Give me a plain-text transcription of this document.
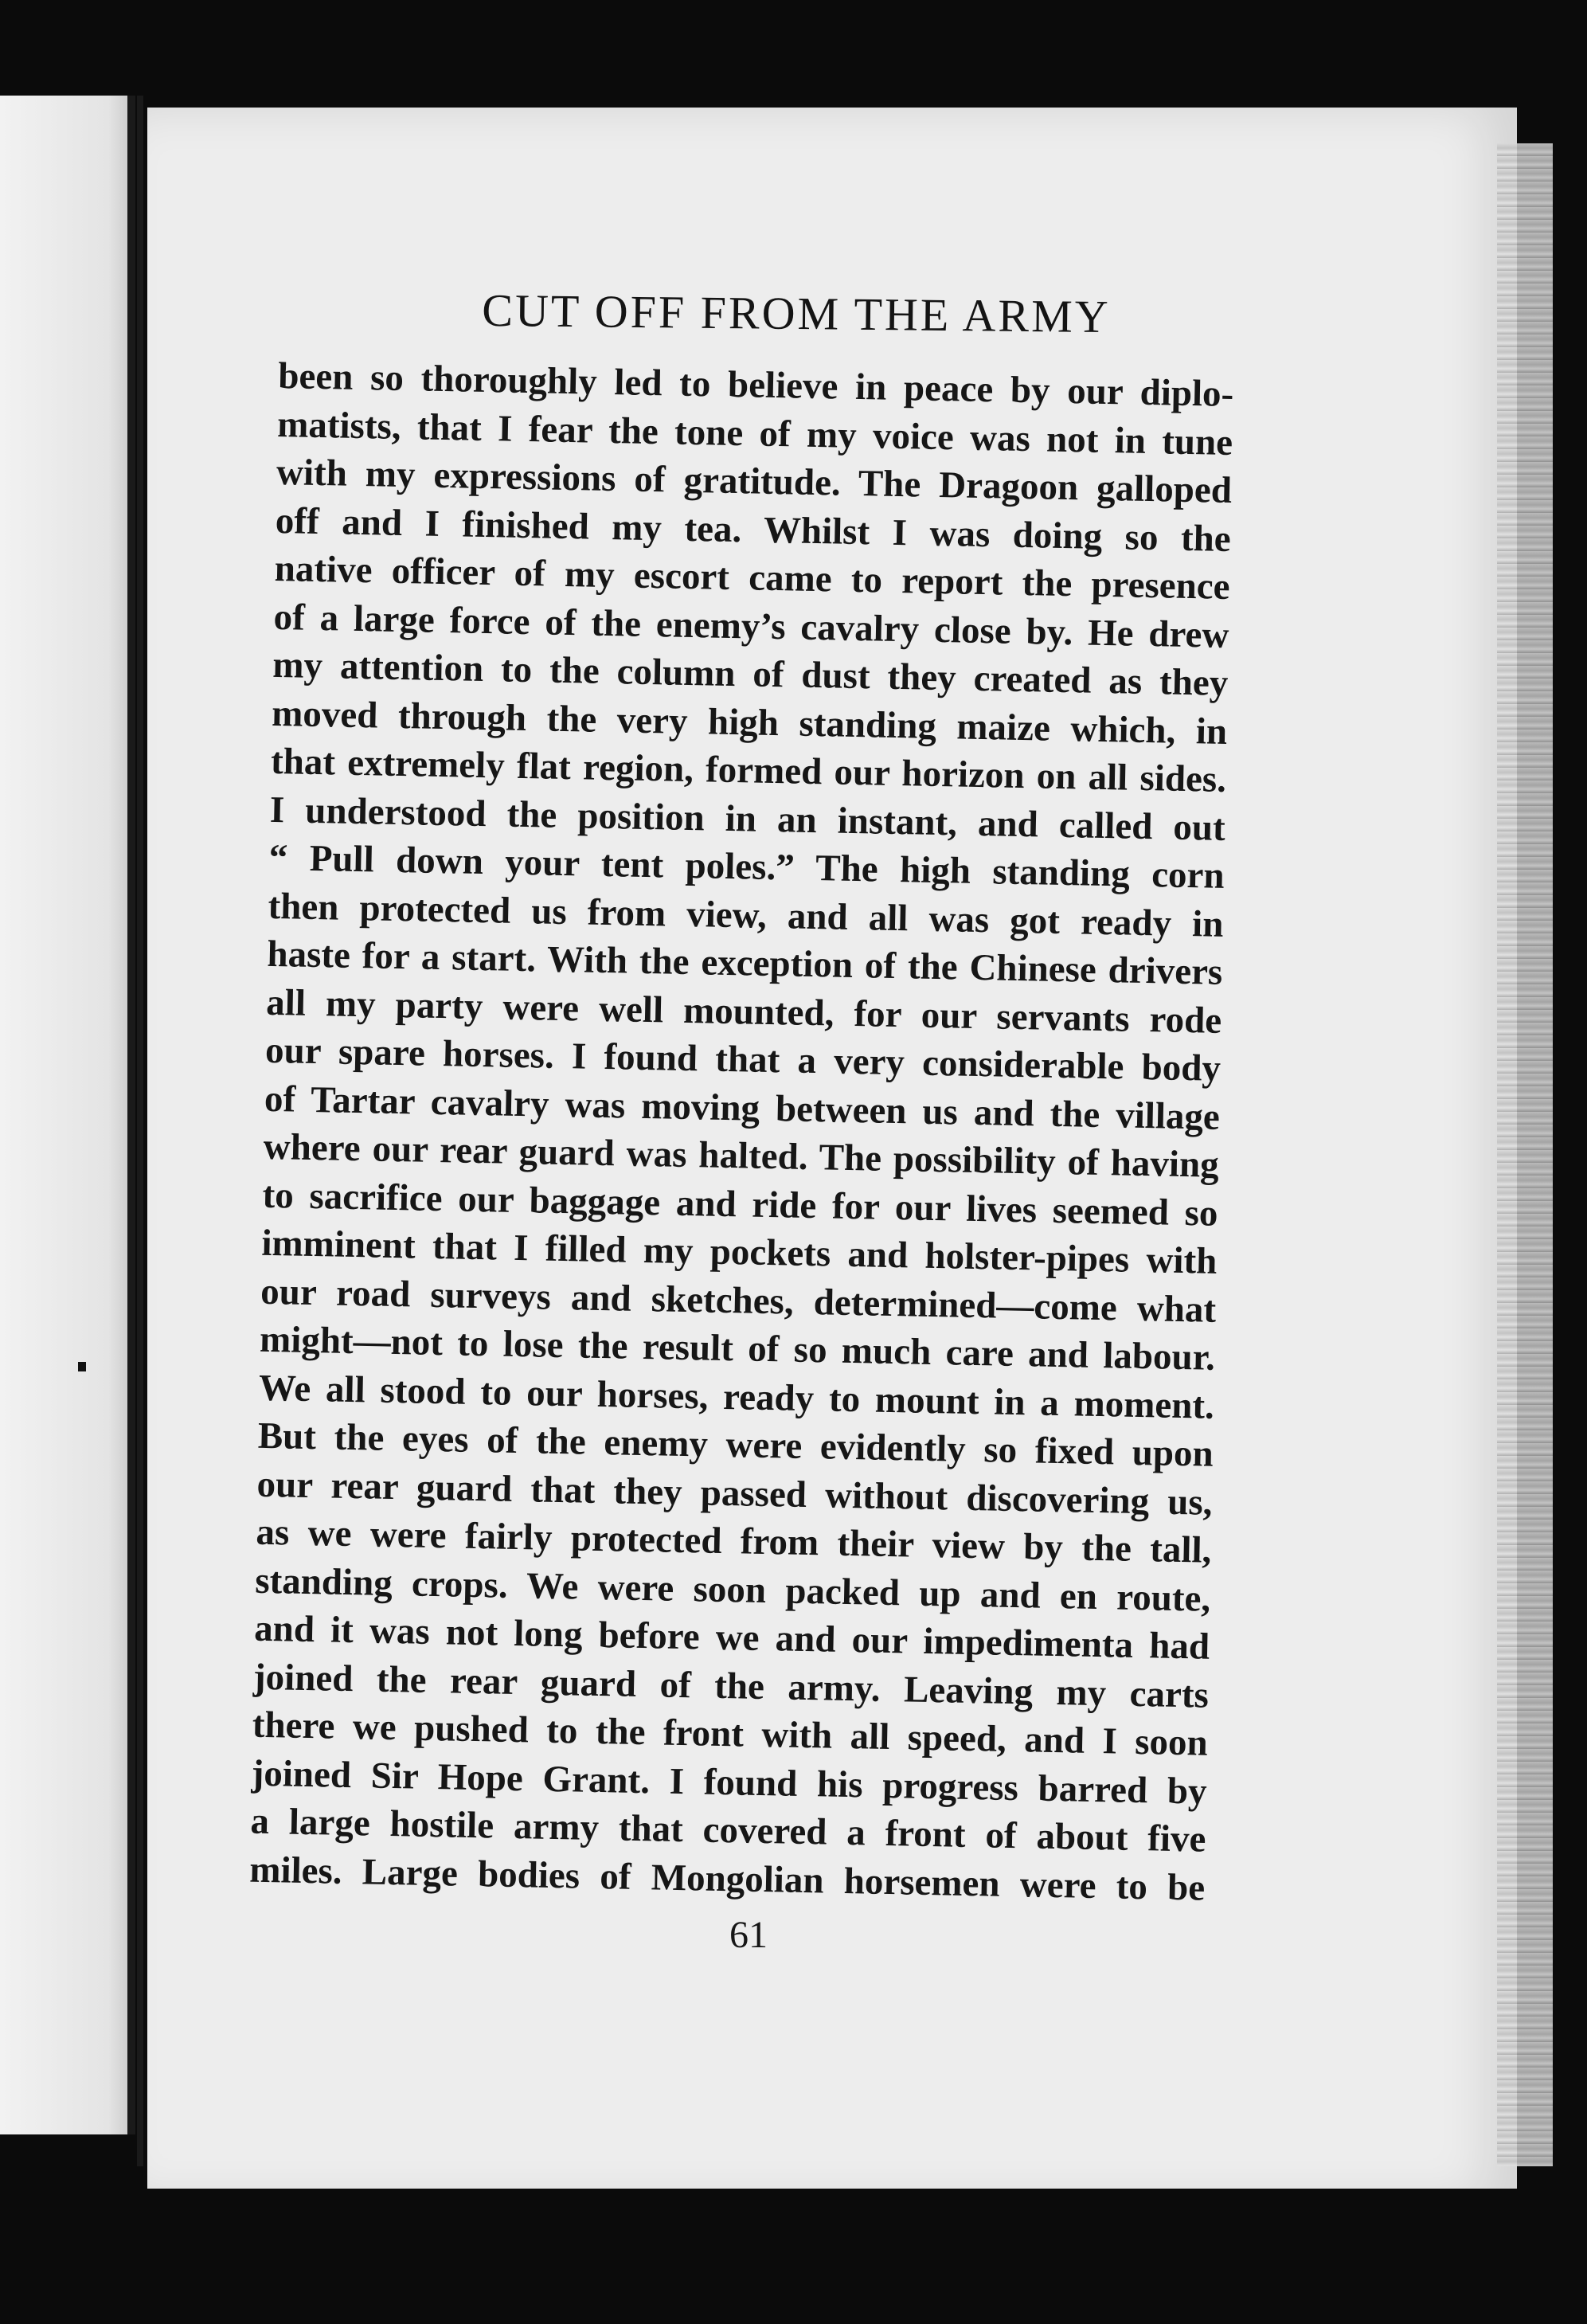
CUT OFF FROM THE ARMY
been so thoroughly led to believe in peace by our diplo-
matists, that I fear the tone of my voice was not in tune
with my expressions of gratitude. The Dragoon galloped
off and I finished my tea. Whilst I was doing so the
native officer of my escort came to report the presence
of a large force of the enemy’s cavalry close by. He drew
my attention to the column of dust they created as they
moved through the very high standing maize which, in
that extremely flat region, formed our horizon on all sides.
I understood the position in an instant, and called out
“ Pull down your tent poles.” The high standing corn
then protected us from view, and all was got ready in
haste for a start. With the exception of the Chinese drivers
all my party were well mounted, for our servants rode
our spare horses. I found that a very considerable body
of Tartar cavalry was moving between us and the village
where our rear guard was halted. The possibility of having
to sacrifice our baggage and ride for our lives seemed so
imminent that I filled my pockets and holster-pipes with
our road surveys and sketches, determined—come what
might—not to lose the result of so much care and labour.
We all stood to our horses, ready to mount in a moment.
But the eyes of the enemy were evidently so fixed upon
our rear guard that they passed without discovering us,
as we were fairly protected from their view by the tall,
standing crops. We were soon packed up and en route,
and it was not long before we and our impedimenta had
joined the rear guard of the army. Leaving my carts
there we pushed to the front with all speed, and I soon
joined Sir Hope Grant. I found his progress barred by
a large hostile army that covered a front of about five
miles. Large bodies of Mongolian horsemen were to be
61
